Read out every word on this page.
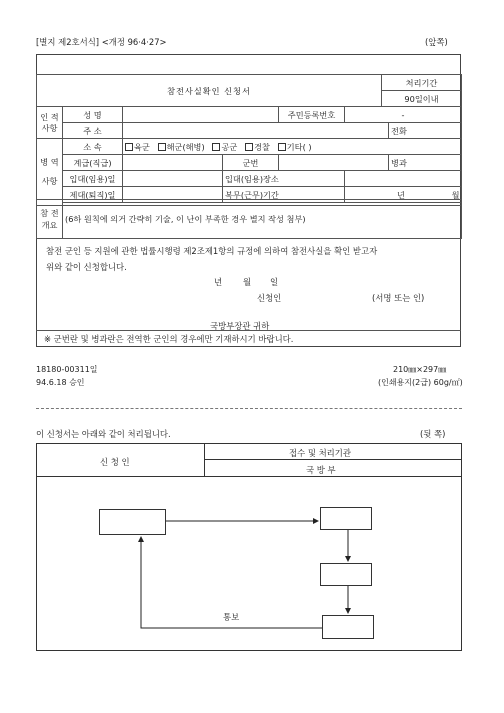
[별지 제2호서식] <개정 96·4·27>	(앞쪽)
참전사실확인 신청서	처리기간
90일이내
인 적
사항	성 명			주민등록번호	-		
	주 소					전화	

병 역
사항	소 속	육군 해군(해병) 공군 경찰 기타( )					
	계급(직급)		군번			병과	
	입대(임용)일		입대(임용)장소				
	제대(퇴직)일		복무(근무)기간		년 월		

참 전
개요
	(6하 원칙에 의거 간략히 기술, 이 난이 부족한 경우 별지 작성 첨부)
참전 군인 등 지원에 관한 법률시행령 제2조제1항의 규정에 의하여 참전사실을 확인 받고자
위와 같이 신청합니다.
년 월 일
신청인	(서명 또는 인)
국방부장관 귀하
※ 군번란 및 병과란은 전역한 군인의 경우에만 기재하시기 바랍니다.
18180-00311일
94.6.18 승인
210㎜×297㎜
(인쇄용지(2급) 60g/㎡)
이 신청서는 아래와 같이 처리됩니다.	(뒷 쪽)
신 청 인
접수 및 처리기관
국 방 부
통보
